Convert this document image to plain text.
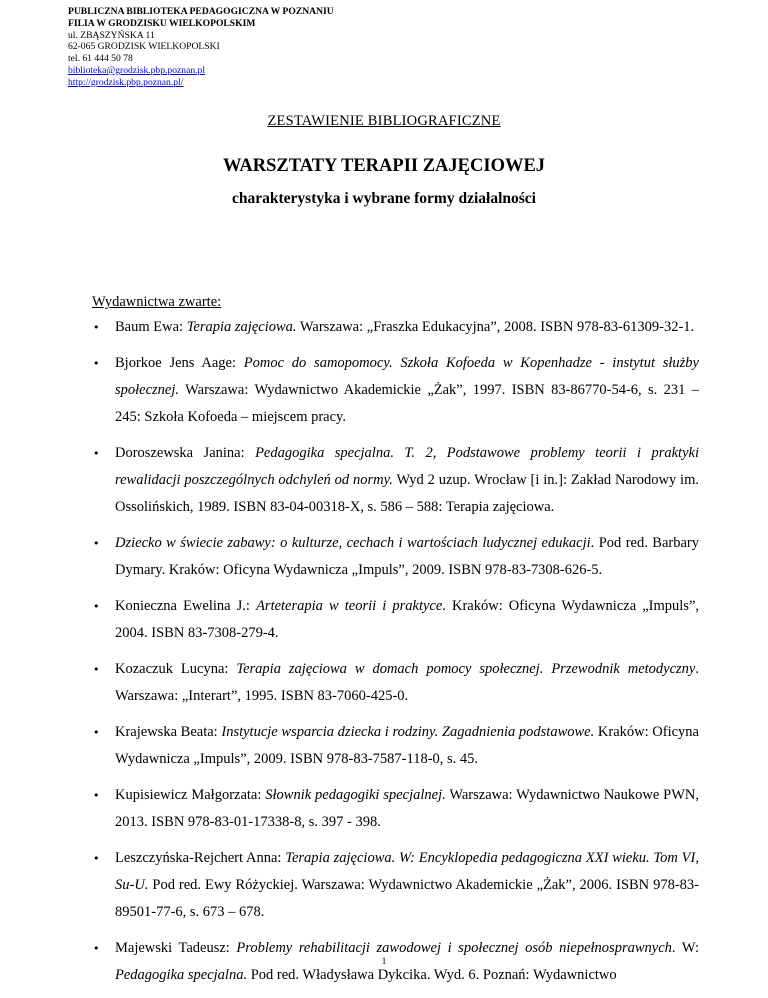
PUBLICZNA BIBLIOTEKA PEDAGOGICZNA W POZNANIU
FILIA W GRODZISKU WIELKOPOLSKIM
ul. ZBĄSZYŃSKA 11
62-065 GRODZISK WIELKOPOLSKI
tel. 61 444 50 78
biblioteka@grodzisk.pbp.poznan.pl
http://grodzisk.pbp.poznan.pl/
ZESTAWIENIE BIBLIOGRAFICZNE
WARSZTATY TERAPII ZAJĘCIOWEJ
charakterystyka i wybrane formy działalności
Wydawnictwa zwarte:
• Baum Ewa: Terapia zajęciowa. Warszawa: „Fraszka Edukacyjna”, 2008. ISBN 978-83-61309-32-1.
• Bjorkoe Jens Aage: Pomoc do samopomocy. Szkoła Kofoeda w Kopenhadze - instytut służby społecznej. Warszawa: Wydawnictwo Akademickie „Żak”, 1997. ISBN 83-86770-54-6, s. 231 – 245: Szkoła Kofoeda – miejscem pracy.
• Doroszewska Janina: Pedagogika specjalna. T. 2, Podstawowe problemy teorii i praktyki rewalidacji poszczególnych odchyleń od normy. Wyd 2 uzup. Wrocław [i in.]: Zakład Narodowy im. Ossolińskich, 1989. ISBN 83-04-00318-X, s. 586 – 588: Terapia zajęciowa.
• Dziecko w świecie zabawy: o kulturze, cechach i wartościach ludycznej edukacji. Pod red. Barbary Dymary. Kraków: Oficyna Wydawnicza „Impuls”, 2009. ISBN 978-83-7308-626-5.
• Konieczna Ewelina J.: Arteterapia w teorii i praktyce. Kraków: Oficyna Wydawnicza „Impuls”, 2004. ISBN 83-7308-279-4.
• Kozaczuk Lucyna: Terapia zajęciowa w domach pomocy społecznej. Przewodnik metodyczny. Warszawa: „Interart”, 1995. ISBN 83-7060-425-0.
• Krajewska Beata: Instytucje wsparcia dziecka i rodziny. Zagadnienia podstawowe. Kraków: Oficyna Wydawnicza „Impuls”, 2009. ISBN 978-83-7587-118-0, s. 45.
• Kupisiewicz Małgorzata: Słownik pedagogiki specjalnej. Warszawa: Wydawnictwo Naukowe PWN, 2013. ISBN 978-83-01-17338-8, s. 397 - 398.
• Leszczyńska-Rejchert Anna: Terapia zajęciowa. W: Encyklopedia pedagogiczna XXI wieku. Tom VI, Su-U. Pod red. Ewy Różyckiej. Warszawa: Wydawnictwo Akademickie „Żak”, 2006. ISBN 978-83-89501-77-6, s. 673 – 678.
• Majewski Tadeusz: Problemy rehabilitacji zawodowej i społecznej osób niepełnosprawnych. W: Pedagogika specjalna. Pod red. Władysława Dykcika. Wyd. 6. Poznań: Wydawnictwo
1
